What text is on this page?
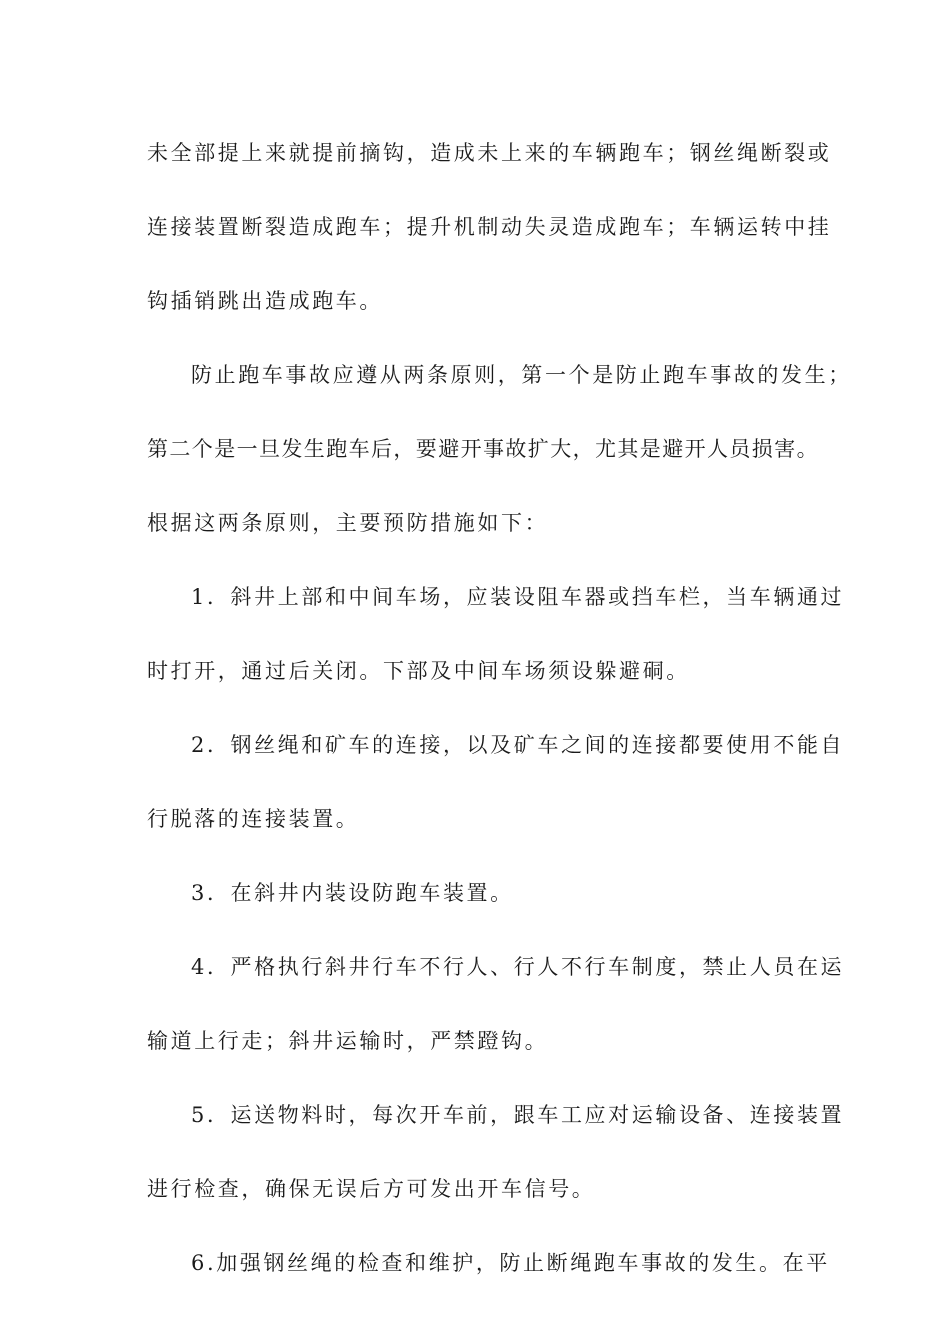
未全部提上来就提前摘钩，造成未上来的车辆跑车；钢丝绳断裂或
连接装置断裂造成跑车；提升机制动失灵造成跑车；车辆运转中挂
钩插销跳出造成跑车。
防止跑车事故应遵从两条原则，第一个是防止跑车事故的发生；
第二个是一旦发生跑车后，要避开事故扩大，尤其是避开人员损害。
根据这两条原则，主要预防措施如下：
1．斜井上部和中间车场，应装设阻车器或挡车栏，当车辆通过
时打开，通过后关闭。下部及中间车场须设躲避硐。
2．钢丝绳和矿车的连接，以及矿车之间的连接都要使用不能自
行脱落的连接装置。
3．在斜井内装设防跑车装置。
4．严格执行斜井行车不行人、行人不行车制度，禁止人员在运
输道上行走；斜井运输时，严禁蹬钩。
5．运送物料时，每次开车前，跟车工应对运输设备、连接装置
进行检查，确保无误后方可发出开车信号。
6.加强钢丝绳的检查和维护，防止断绳跑车事故的发生。在平
